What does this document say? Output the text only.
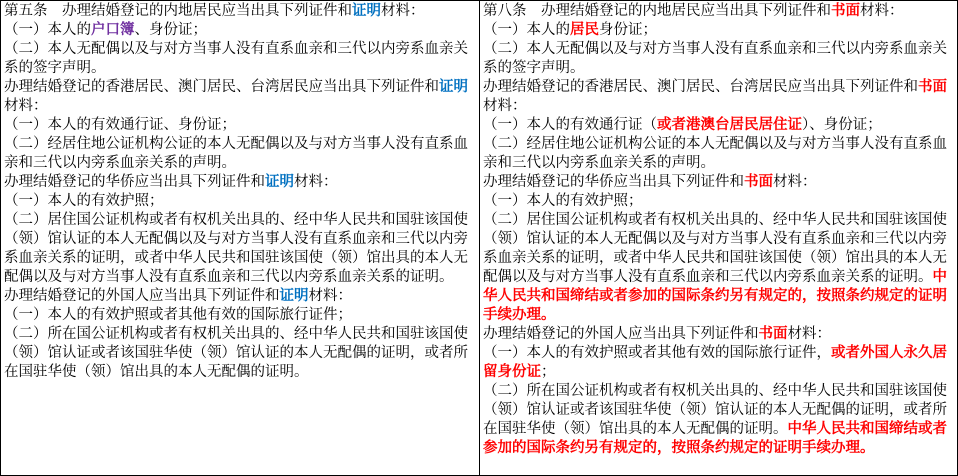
第五条　办理结婚登记的内地居民应当出具下列证件和证明材料：

（一）本人的户口簿、身份证；

（二）本人无配偶以及与对方当事人没有直系血亲和三代以内旁系血亲关系的签字声明。

办理结婚登记的香港居民、澳门居民、台湾居民应当出具下列证件和证明材料：

（一）本人的有效通行证、身份证；

（二）经居住地公证机构公证的本人无配偶以及与对方当事人没有直系血亲和三代以内旁系血亲关系的声明。

办理结婚登记的华侨应当出具下列证件和证明材料：

（一）本人的有效护照；

（二）居住国公证机构或者有权机关出具的、经中华人民共和国驻该国使（领）馆认证的本人无配偶以及与对方当事人没有直系血亲和三代以内旁系血亲关系的证明，或者中华人民共和国驻该国使（领）馆出具的本人无配偶以及与对方当事人没有直系血亲和三代以内旁系血亲关系的证明。

办理结婚登记的外国人应当出具下列证件和证明材料：

（一）本人的有效护照或者其他有效的国际旅行证件；

（二）所在国公证机构或者有权机关出具的、经中华人民共和国驻该国使（领）馆认证或者该国驻华使（领）馆认证的本人无配偶的证明，或者所在国驻华使（领）馆出具的本人无配偶的证明。

第八条　办理结婚登记的内地居民应当出具下列证件和书面材料：

（一）本人的居民身份证；

（二）本人无配偶以及与对方当事人没有直系血亲和三代以内旁系血亲关系的签字声明。

办理结婚登记的香港居民、澳门居民、台湾居民应当出具下列证件和书面材料：

（一）本人的有效通行证（或者港澳台居民居住证）、身份证；

（二）经居住地公证机构公证的本人无配偶以及与对方当事人没有直系血亲和三代以内旁系血亲关系的声明。

办理结婚登记的华侨应当出具下列证件和书面材料：

（一）本人的有效护照；

（二）居住国公证机构或者有权机关出具的、经中华人民共和国驻该国使（领）馆认证的本人无配偶以及与对方当事人没有直系血亲和三代以内旁系血亲关系的证明，或者中华人民共和国驻该国使（领）馆出具的本人无配偶以及与对方当事人没有直系血亲和三代以内旁系血亲关系的证明。中华人民共和国缔结或者参加的国际条约另有规定的，按照条约规定的证明手续办理。

办理结婚登记的外国人应当出具下列证件和书面材料：

（一）本人的有效护照或者其他有效的国际旅行证件，或者外国人永久居留身份证；

（二）所在国公证机构或者有权机关出具的、经中华人民共和国驻该国使（领）馆认证或者该国驻华使（领）馆认证的本人无配偶的证明，或者所在国驻华使（领）馆出具的本人无配偶的证明。中华人民共和国缔结或者参加的国际条约另有规定的，按照条约规定的证明手续办理。
